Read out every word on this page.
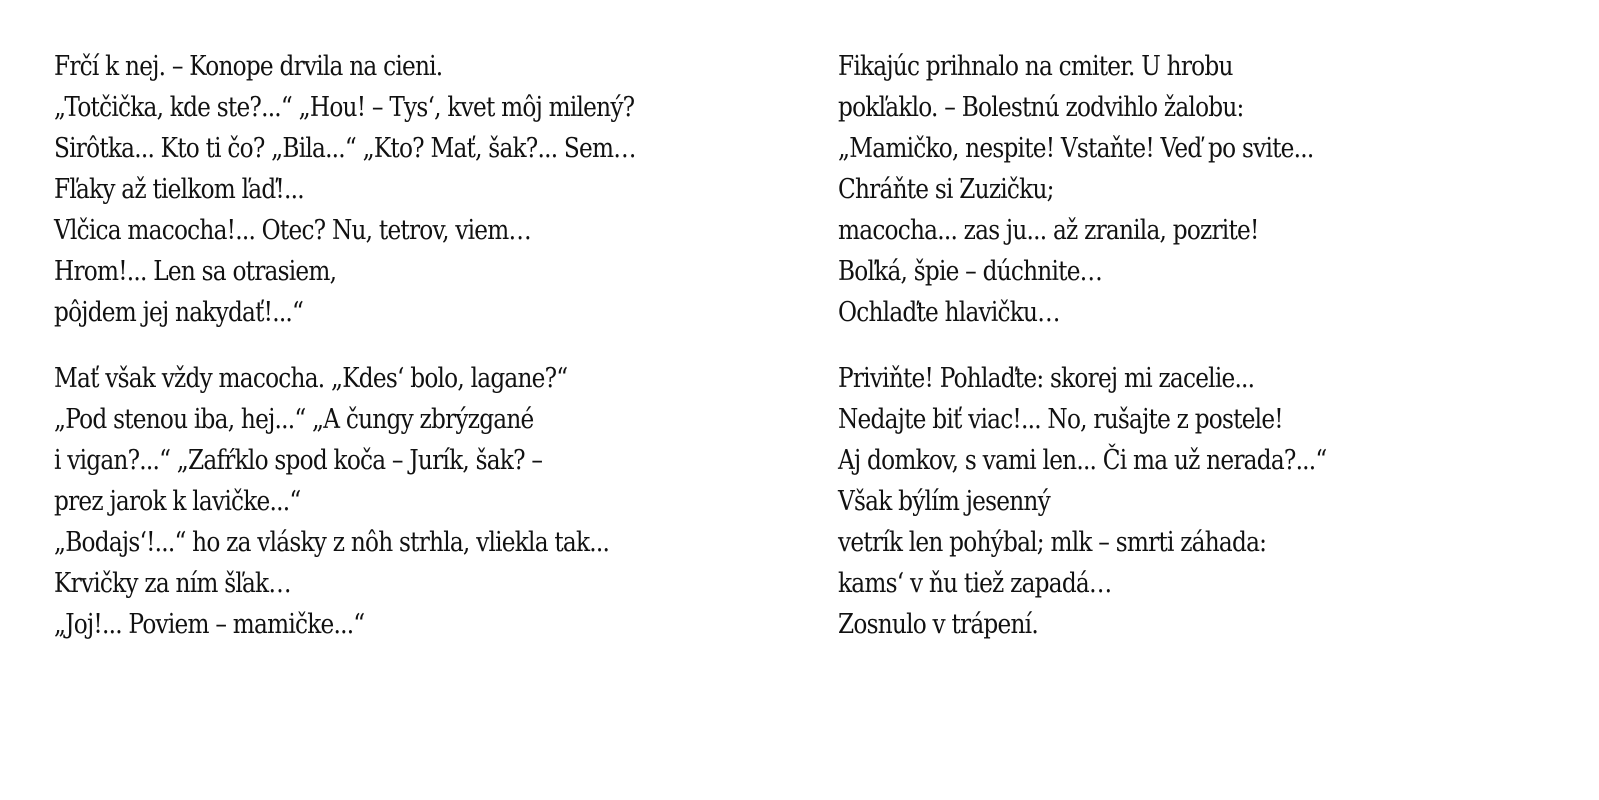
Frčí k nej. – Konope drvila na cieni.
„Totčička, kde ste?...“ „Hou! – Tys‘, kvet môj milený?
Sirôtka... Kto ti čo? „Bila...“ „Kto? Mať, šak?... Sem…
Fľaky až tielkom ľaď!...
Vlčica macocha!... Otec? Nu, tetrov, viem…
Hrom!... Len sa otrasiem,
pôjdem jej nakydať!...“
Mať však vždy macocha. „Kdes‘ bolo, lagane?“
„Pod stenou iba, hej...“ „A čungy zbrýzgané
i vigan?...“ „Zafŕklo spod koča – Jurík, šak? –
prez jarok k lavičke...“
„Bodajs‘!...“ ho za vlásky z nôh strhla, vliekla tak...
Krvičky za ním šľak…
„Joj!... Poviem – mamičke...“
Fikajúc prihnalo na cmiter. U hrobu
pokľaklo. – Bolestnú zodvihlo žalobu:
„Mamičko, nespite! Vstaňte! Veď po svite...
Chráňte si Zuzičku;
macocha... zas ju... až zranila, pozrite!
Boľká, špie – dúchnite…
Ochlaďte hlavičku…
Priviňte! Pohlaďte: skorej mi zacelie...
Nedajte biť viac!... No, rušajte z postele!
Aj domkov, s vami len... Či ma už nerada?...“
Však býlím jesenný
vetrík len pohýbal; mlk – smrti záhada:
kams‘ v ňu tiež zapadá…
Zosnulo v trápení.
